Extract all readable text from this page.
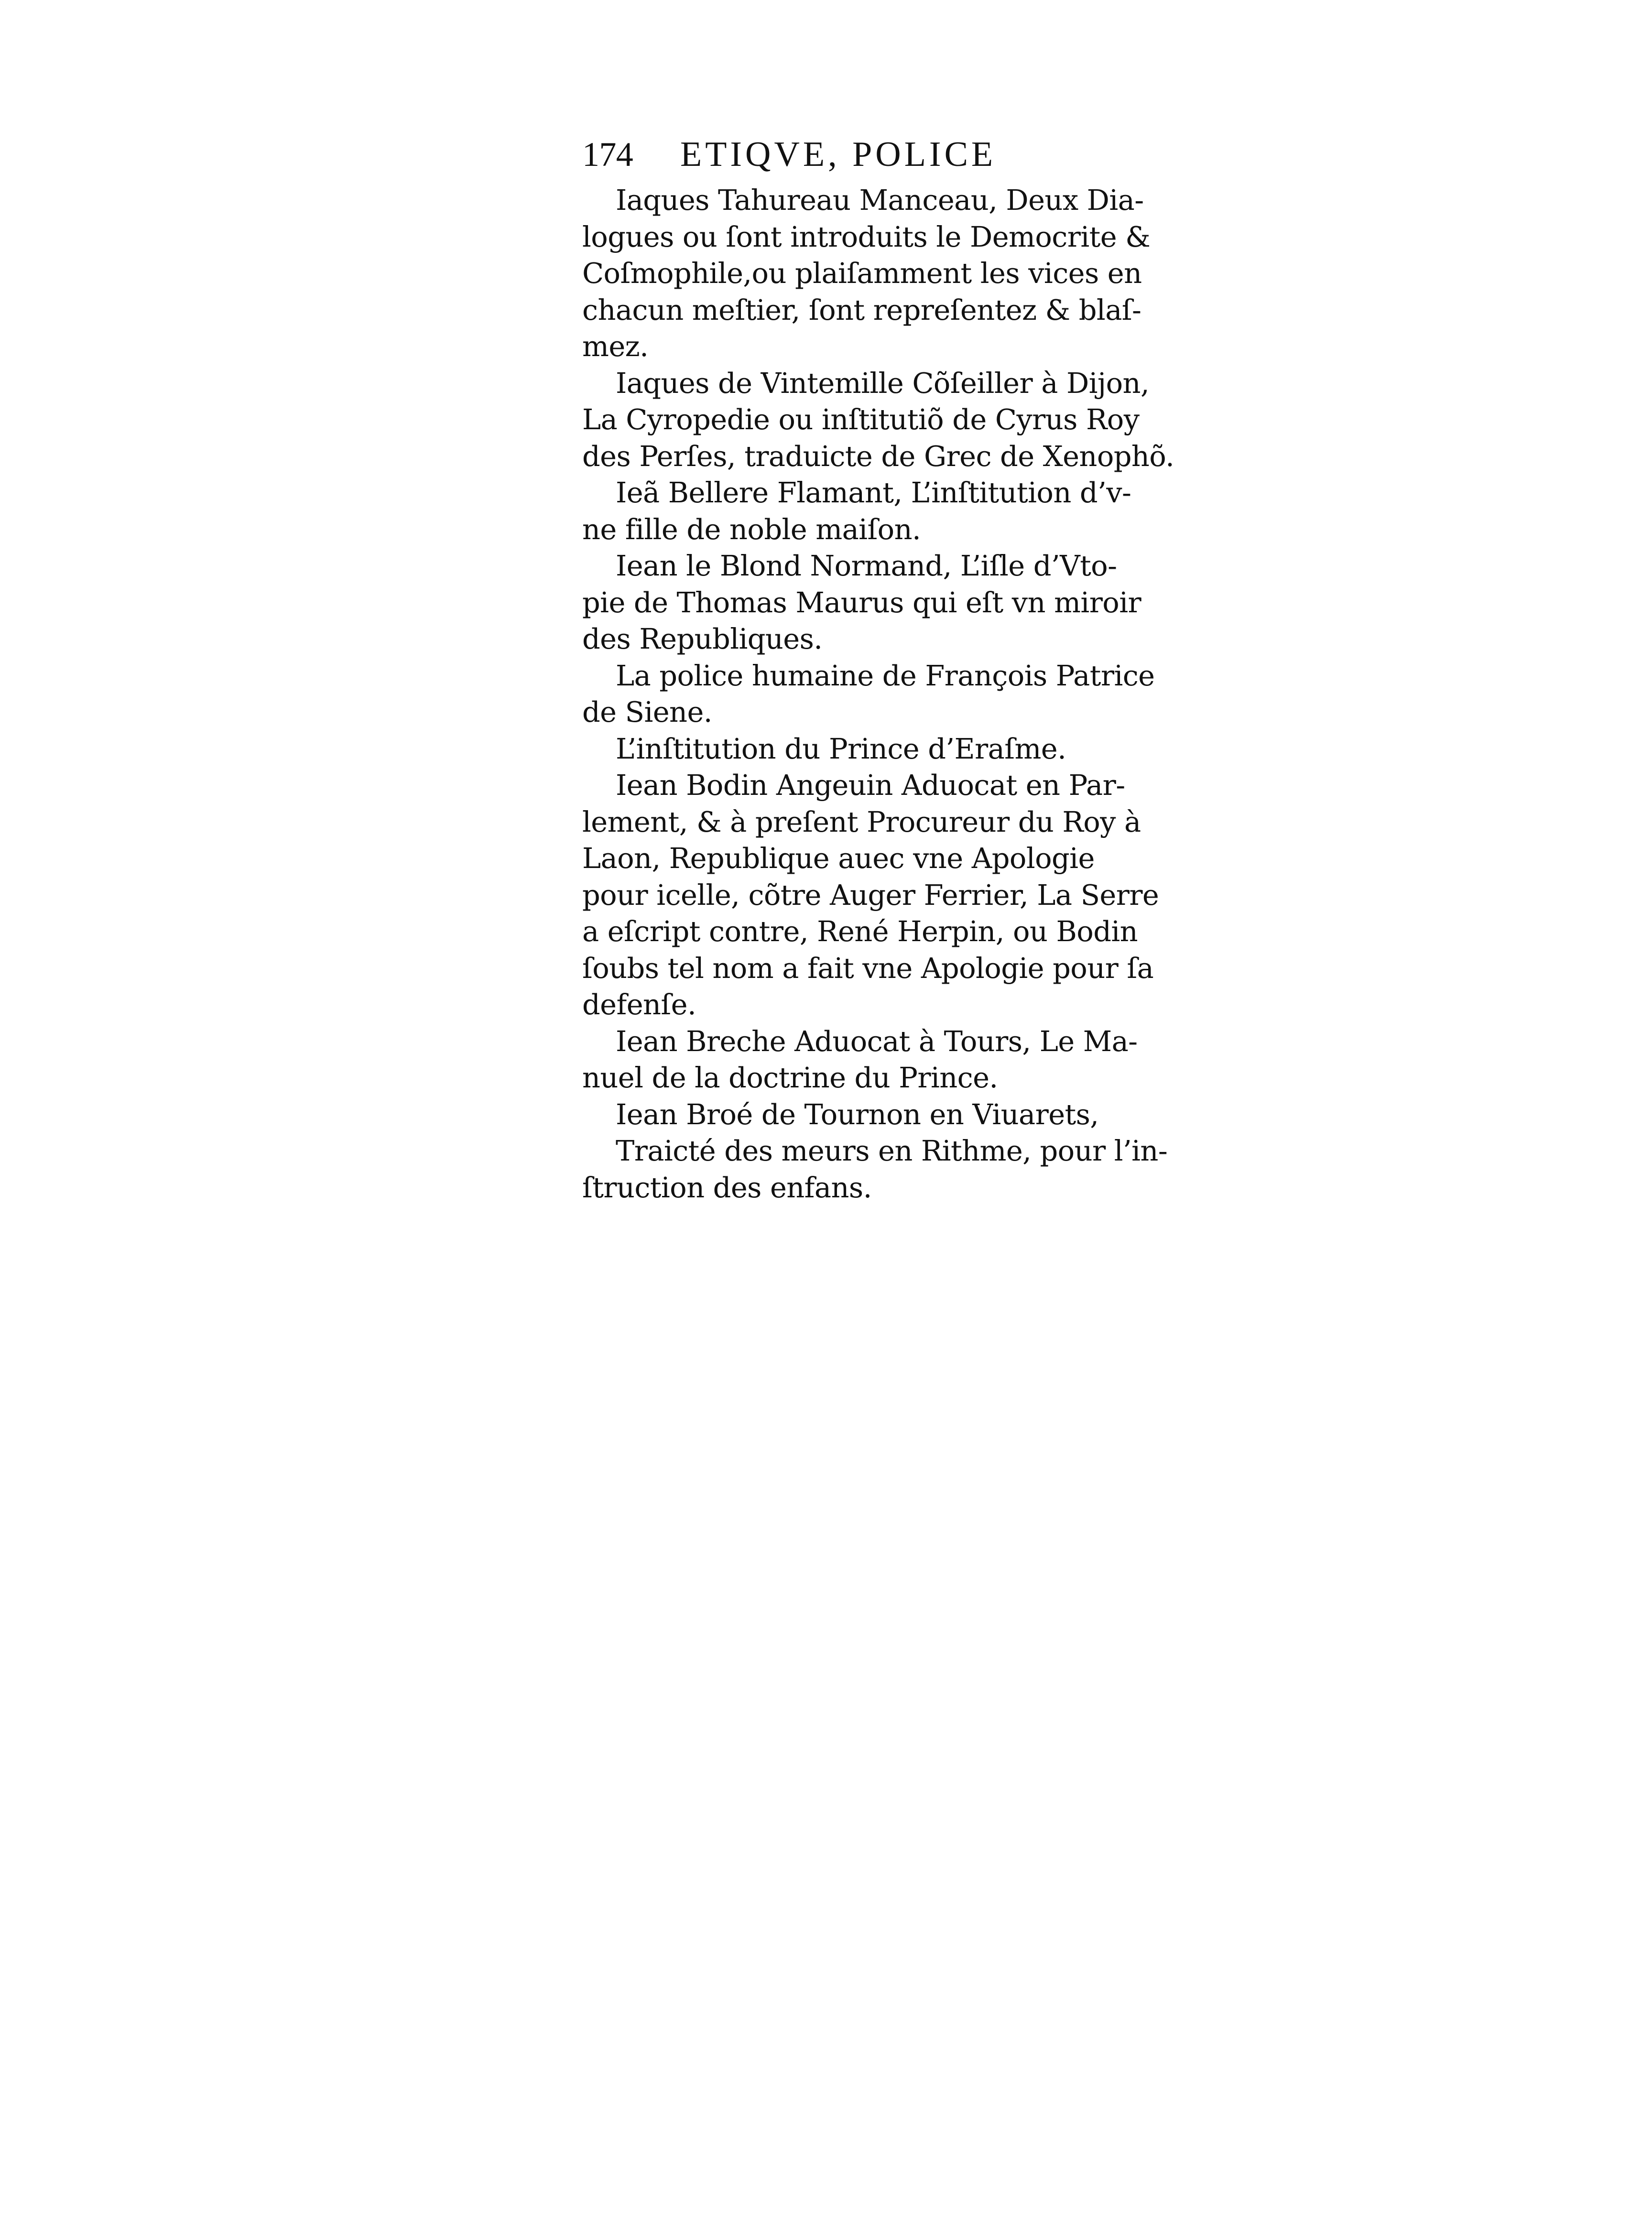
174 ETIQVE, POLICE
Iaques Tahureau Manceau, Deux Dia-
logues ou ſont introduits le Democrite &
Coſmophile,ou plaiſamment les vices en
chacun meſtier, ſont repreſentez & blaſ-
mez.
Iaques de Vintemille Cõſeiller à Dijon,
La Cyropedie ou inſtitutiõ de Cyrus Roy
des Perſes, traduicte de Grec de Xenophõ.
Ieã Bellere Flamant, L’inſtitution d’v-
ne fille de noble maiſon.
Iean le Blond Normand, L’iſle d’Vto-
pie de Thomas Maurus qui eſt vn miroir
des Republiques.
La police humaine de François Patrice
de Siene.
L’inſtitution du Prince d’Eraſme.
Iean Bodin Angeuin Aduocat en Par-
lement, & à preſent Procureur du Roy à
Laon, Republique auec vne Apologie
pour icelle, cõtre Auger Ferrier, La Serre
a eſcript contre, René Herpin, ou Bodin
ſoubs tel nom a fait vne Apologie pour ſa
defenſe.
Iean Breche Aduocat à Tours, Le Ma-
nuel de la doctrine du Prince.
Iean Broé de Tournon en Viuarets,
Traicté des meurs en Rithme, pour l’in-
ſtruction des enfans.
